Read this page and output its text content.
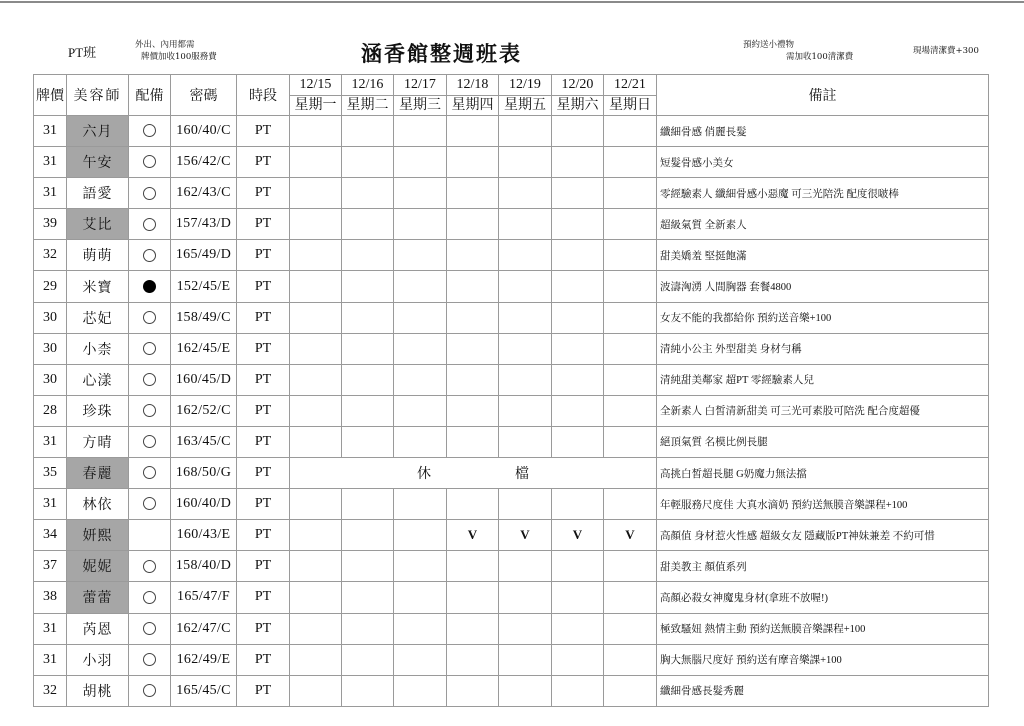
PT班	外出、內用都需
牌價加收100服務費	涵香館整週班表	預約送小禮物
需加收100清潔費
現場清潔費+300
牌價	美容師	配備	密碼	時段	12/15	12/16	12/17	12/18	12/19	12/20	12/21	備註
					星期一	星期二	星期三	星期四	星期五	星期六	星期日	
31	六月		160/40/C	PT								纖細骨感 俏麗長髮
31	午安		156/42/C	PT								短髮骨感小美女
31	語愛		162/43/C	PT								零經驗素人 纖細骨感小惡魔 可三光陪洗 配度很啵棒
39	艾比		157/43/D	PT								超級氣質 全新素人
32	萌萌		165/49/D	PT								甜美嬌羞 堅挺飽滿
29	米寶		152/45/E	PT								波濤洶湧 人間胸器 套餐4800
30	芯妃		158/49/C	PT								女友不能的我都給你 預約送音樂+100
30	小柰		162/45/E	PT								清純小公主 外型甜美 身材勻稱
30	心漾		160/45/D	PT								清純甜美鄰家 超PT 零經驗素人兒
28	珍珠		162/52/C	PT								全新素人 白皙清新甜美 可三光可素股可陪洗 配合度超優
31	方晴		163/45/C	PT								絕頂氣質 名模比例長腿
35	春麗		168/50/G	PT	休 檔							高挑白皙超長腿 G奶魔力無法擋
31	林依		160/40/D	PT								年輕服務尺度佳 大真水滴奶 預約送無膜音樂課程+100
34	妍熙		160/43/E	PT				V	V	V	V	高顏值 身材惹火性感 超級女友 隱藏版PT神妹兼差 不約可惜
37	妮妮		158/40/D	PT								甜美教主 顏值系列
38	蕾蕾		165/47/F	PT								高顏必殺女神魔鬼身材(拿班不放喔!)
31	芮恩		162/47/C	PT								極致騷妞 熱情主動 預約送無膜音樂課程+100
31	小羽		162/49/E	PT								胸大無腦尺度好 預約送有摩音樂課+100
32	胡桃		165/45/C	PT								纖細骨感長髮秀麗
